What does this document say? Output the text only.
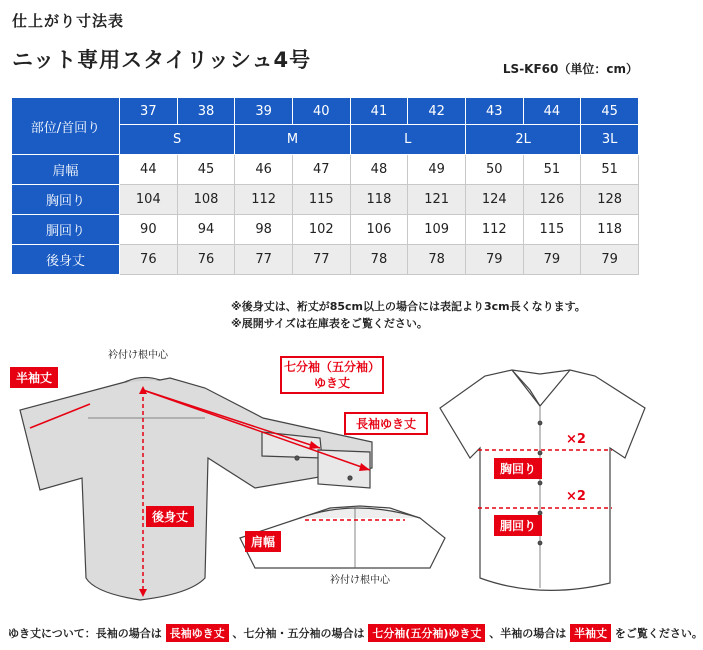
仕上がり寸法表
ニット専用スタイリッシュ4号	LS-KF60（単位：cm）
部位/首回り	37	38	39	40	41	42	43	44	45
	S		M		L		2L		3L
肩幅	44	45	46	47	48	49	50	51	51
胸回り	104	108	112	115	118	121	124	126	128
胴回り	90	94	98	102	106	109	112	115	118
後身丈	76	76	77	77	78	78	79	79	79
※後身丈は、裄丈が85cm以上の場合には表記より3cm長くなります。
※展開サイズは在庫表をご覧ください。
半袖丈
衿付け根中心
七分袖（五分袖）
ゆき丈
長袖ゆき丈
後身丈
肩幅
衿付け根中心
胸回り
胴回り
×2
×2
ゆき丈について：長袖の場合は 長袖ゆき丈 、七分袖・五分袖の場合は 七分袖(五分袖)ゆき丈 、半袖の場合は 半袖丈 をご覧ください。
